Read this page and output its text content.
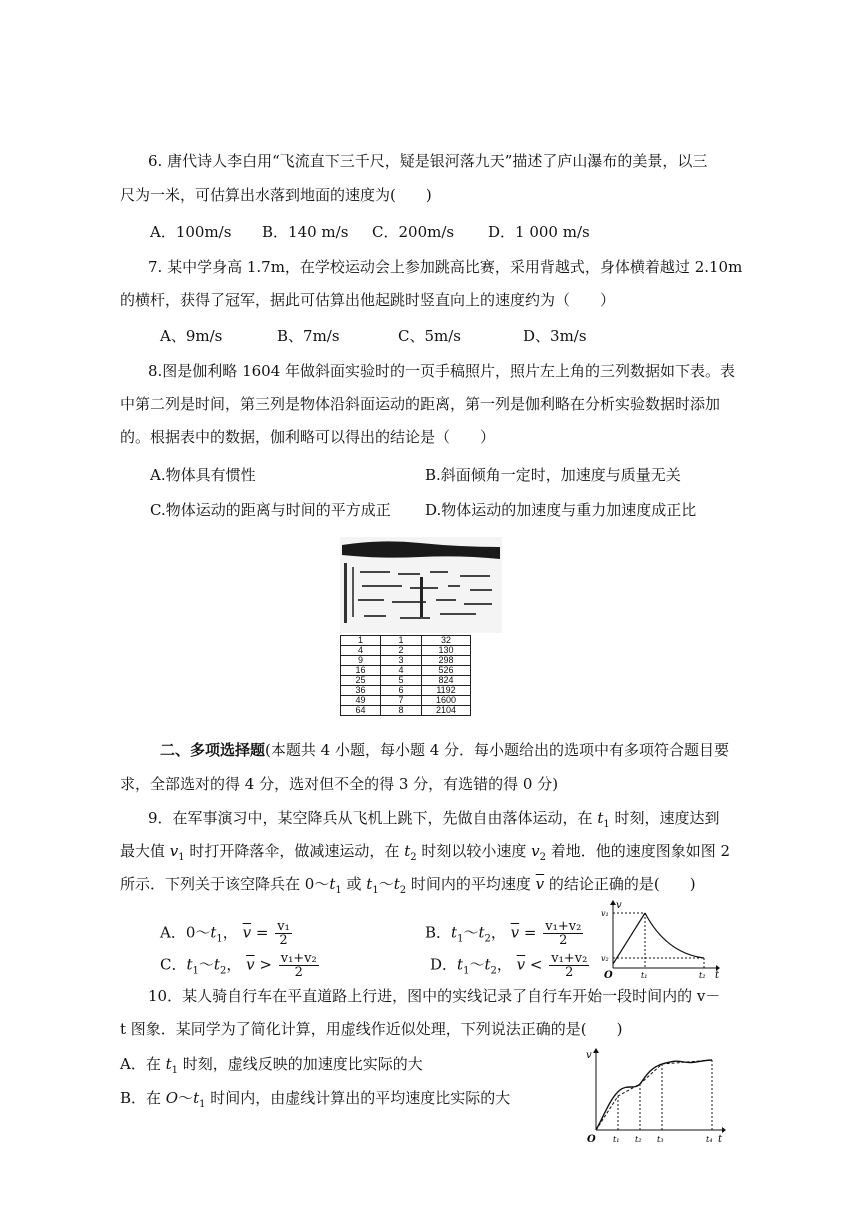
6. 唐代诗人李白用“飞流直下三千尺，疑是银河落九天”描述了庐山瀑布的美景，以三
尺为一米，可估算出水落到地面的速度为(　　)
A．100m/s B．140 m/s C．200m/s D．1 000 m/s
7. 某中学身高 1.7m，在学校运动会上参加跳高比赛，采用背越式，身体横着越过 2.10m
的横杆，获得了冠军，据此可估算出他起跳时竖直向上的速度约为（　　）
A、9m/s	B、7m/s	C、5m/s	D、3m/s
8.图是伽利略 1604 年做斜面实验时的一页手稿照片，照片左上角的三列数据如下表。表
中第二列是时间，第三列是物体沿斜面运动的距离，第一列是伽利略在分析实验数据时添加
的。根据表中的数据，伽利略可以得出的结论是（　　）
A.物体具有惯性	B.斜面倾角一定时，加速度与质量无关
C.物体运动的距离与时间的平方成正 D.物体运动的加速度与重力加速度成正比
1	1	32
4	2	130
9	3	298
16	4	526
25	5	824
36	6	1192
49	7	1600
64	8	2104
二、多项选择题(本题共 4 小题，每小题 4 分．每小题给出的选项中有多项符合题目要
求，全部选对的得 4 分，选对但不全的得 3 分，有选错的得 0 分)
9．在军事演习中，某空降兵从飞机上跳下，先做自由落体运动，在 $t_1$ 时刻，速度达到
最大值 $v_1$ 时打开降落伞，做减速运动，在 $t_2$ 时刻以较小速度 $v_2$ 着地．他的速度图象如图 2
所示．下列关于该空降兵在 $0\sim t_1$ 或 $t_1\sim t_2$ 时间内的平均速度 $\overline{v}$ 的结论正确的是(　　)
A．$0\sim t_1$， $\overline{v} = \frac{\text{v₁}}{2}$	B．$t_1\sim t_2$， $\overline{v} = \frac{\text{v₁+v₂}}{2}$
C．$t_1\sim t_2$， $\overline{v} > \frac{\text{v₁+v₂}}{2}$	D．$t_1\sim t_2$， $\overline{v} < \frac{\text{v₁+v₂}}{2}$
v
t
O
v₁
v₂
t₁	t₂
10．某人骑自行车在平直道路上行进，图中的实线记录了自行车开始一段时间内的 v－
t 图象．某同学为了简化计算，用虚线作近似处理，下列说法正确的是(　　)
A．在 $t_1$ 时刻，虚线反映的加速度比实际的大
B．在 $O\sim t_1$ 时间内，由虚线计算出的平均速度比实际的大
v
t
O t₁ t₂ t₃	t₄
